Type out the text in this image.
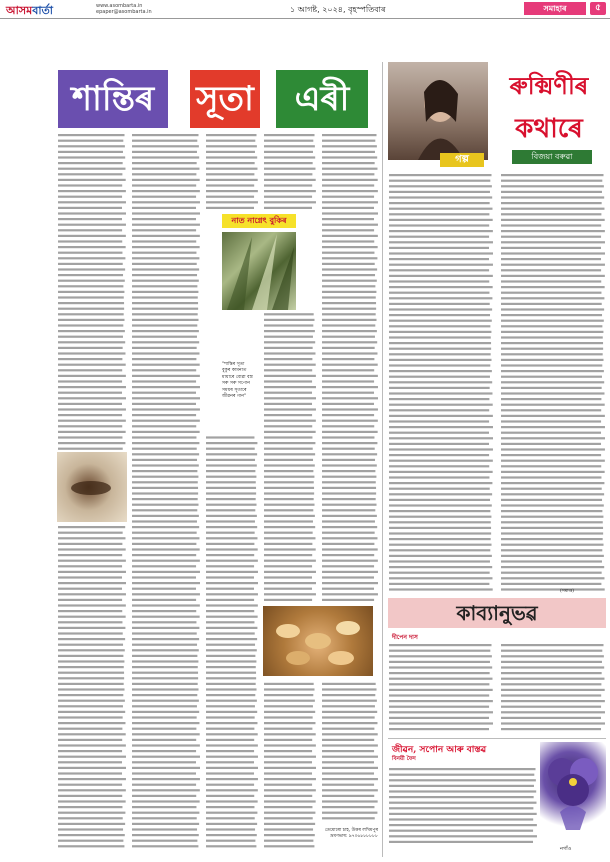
আসমবার্তা	www.asombarta.in
epaper@asombarta.in	১ আগষ্ট, ২০২৪, বৃহস্পতিবাৰ	সমাহাৰ	৫
শান্তিৰ	সূতা	এৰী
নাত নাগ্নেৎ বুকিৰ
"শান্তিৰ সূতা
বুকুৰ কামনাত
মায়াৰে বোৱা বস্ত্ৰ
সৰু সৰু সপোন
সময়ৰ সূতাৰে
জীৱনৰ গান"
ডেমোৰো চাহ, উত্তৰ লখিমপুৰ
ভ্ৰমণভাষ: ৯৭০৬৮৮৮৮৮৮
গল্প
ৰুক্মিণীৰ
কথাৰে
বিজয়া বৰুৱা
(সমাপ্ত)
কাব্যানুভৱ
দীপেন দাস
জীৱন, সপোন আৰু বাস্তৱ
বিনয়ী ফৈদ
নগাঁও
